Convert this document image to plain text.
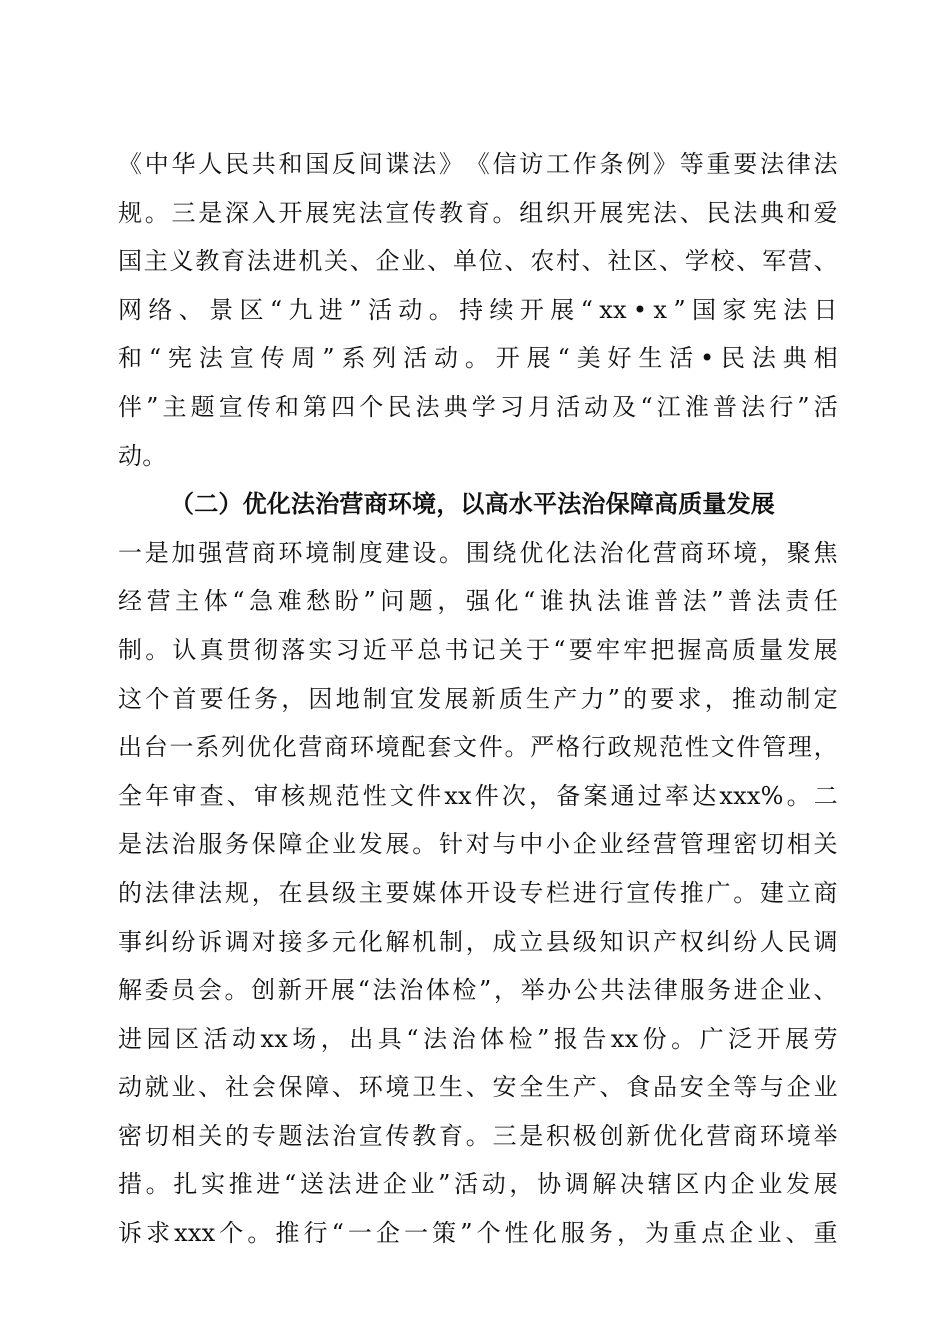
《 中 华 人 民 共 和 国 反 间 谍 法 》 《 信 访 工 作 条 例 》 等 重 要 法 律 法
规 。 三 是 深 入 开 展 宪 法 宣 传 教 育 。 组 织 开 展 宪 法 、 民 法 典 和 爱
国 主 义 教 育 法 进 机 关 、 企 业 、 单 位 、 农 村 、 社 区 、 学 校 、 军 营 、
网 络 、 景 区 “ 九 进 ” 活 动 。 持 续 开 展 “ xx • x ” 国 家 宪 法 日
和 “ 宪 法 宣 传 周 ” 系 列 活 动 。 开 展 “ 美 好 生 活 • 民 法 典 相
伴 ” 主 题 宣 传 和 第 四 个 民 法 典 学 习 月 活 动 及 “ 江 淮 普 法 行 ” 活
动。
（二）优化法治营商环境，以高水平法治保障高质量发展
一 是 加 强 营 商 环 境 制 度 建 设 。 围 绕 优 化 法 治 化 营 商 环 境 ， 聚 焦
经 营 主 体 “ 急 难 愁 盼 ” 问 题 ， 强 化 “ 谁 执 法 谁 普 法 ” 普 法 责 任
制 。 认 真 贯 彻 落 实 习 近 平 总 书 记 关 于 “ 要 牢 牢 把 握 高 质 量 发 展
这 个 首 要 任 务 ， 因 地 制 宜 发 展 新 质 生 产 力 ” 的 要 求 ， 推 动 制 定
出 台 一 系 列 优 化 营 商 环 境 配 套 文 件 。 严 格 行 政 规 范 性 文 件 管 理 ，
全 年 审 查 、 审 核 规 范 性 文 件 xx 件 次 ， 备 案 通 过 率 达 xxx% 。 二
是 法 治 服 务 保 障 企 业 发 展 。 针 对 与 中 小 企 业 经 营 管 理 密 切 相 关
的 法 律 法 规 ， 在 县 级 主 要 媒 体 开 设 专 栏 进 行 宣 传 推 广 。 建 立 商
事 纠 纷 诉 调 对 接 多 元 化 解 机 制 ， 成 立 县 级 知 识 产 权 纠 纷 人 民 调
解 委 员 会 。 创 新 开 展 “ 法 治 体 检 ” ， 举 办 公 共 法 律 服 务 进 企 业 、
进 园 区 活 动 xx 场 ， 出 具 “ 法 治 体 检 ” 报 告 xx 份 。 广 泛 开 展 劳
动 就 业 、 社 会 保 障 、 环 境 卫 生 、 安 全 生 产 、 食 品 安 全 等 与 企 业
密 切 相 关 的 专 题 法 治 宣 传 教 育 。 三 是 积 极 创 新 优 化 营 商 环 境 举
措 。 扎 实 推 进 “ 送 法 进 企 业 ” 活 动 ， 协 调 解 决 辖 区 内 企 业 发 展
诉 求 xxx 个 。 推 行 “ 一 企 一 策 ” 个 性 化 服 务 ， 为 重 点 企 业 、 重
